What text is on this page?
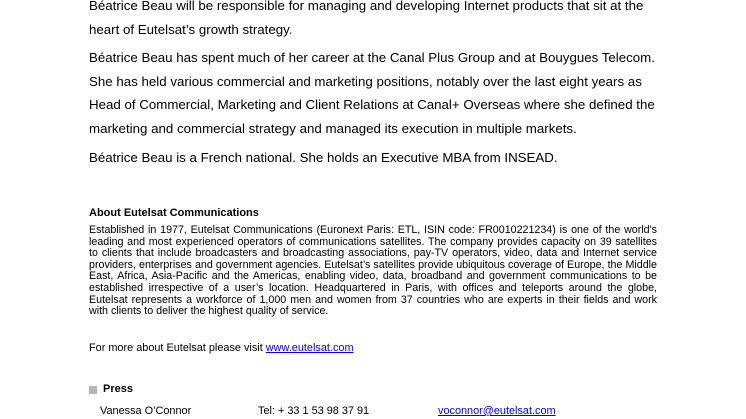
Béatrice Beau will be responsible for managing and developing Internet products that sit at the heart of Eutelsat’s growth strategy.

Béatrice Beau has spent much of her career at the Canal Plus Group and at Bouygues Telecom. She has held various commercial and marketing positions, notably over the last eight years as Head of Commercial, Marketing and Client Relations at Canal+ Overseas where she defined the marketing and commercial strategy and managed its execution in multiple markets.

Béatrice Beau is a French national. She holds an Executive MBA from INSEAD.

About Eutelsat Communications

Established in 1977, Eutelsat Communications (Euronext Paris: ETL, ISIN code: FR0010221234) is one of the world's leading and most experienced operators of communications satellites. The company provides capacity on 39 satellites to clients that include broadcasters and broadcasting associations, pay-TV operators, video, data and Internet service providers, enterprises and government agencies. Eutelsat’s satellites provide ubiquitous coverage of Europe, the Middle East, Africa, Asia-Pacific and the Americas, enabling video, data, broadband and government communications to be established irrespective of a user’s location. Headquartered in Paris, with offices and teleports around the globe, Eutelsat represents a workforce of 1,000 men and women from 37 countries who are experts in their fields and work with clients to deliver the highest quality of service.

For more about Eutelsat please visit www.eutelsat.com

Press
Vanessa O’Connor	Tel: + 33 1 53 98 37 91	voconnor@eutelsat.com
